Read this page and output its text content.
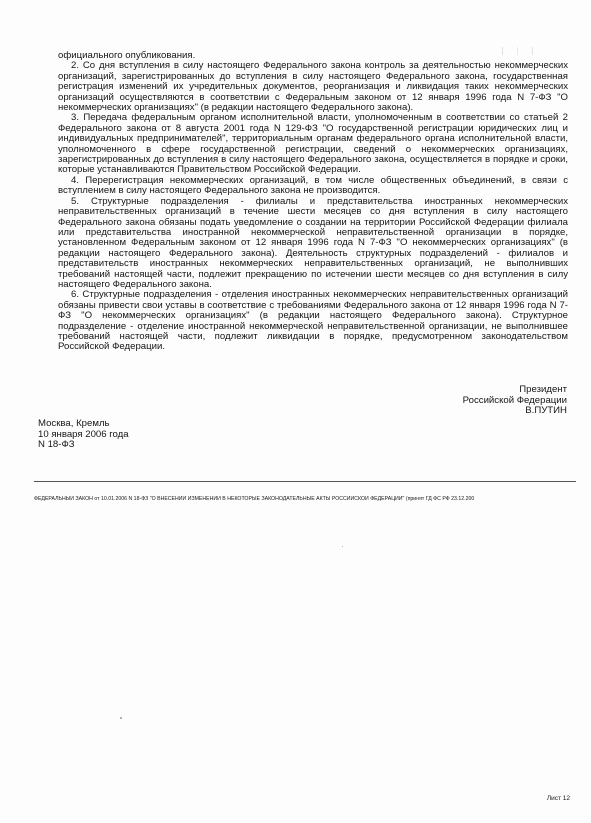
официального опубликования.

2. Со дня вступления в силу настоящего Федерального закона контроль за деятельностью некоммерческих организаций, зарегистрированных до вступления в силу настоящего Федерального закона, государственная регистрация изменений их учредительных документов, реорганизация и ликвидация таких некоммерческих организаций осуществляются в соответствии с Федеральным законом от 12 января 1996 года N 7-ФЗ "О некоммерческих организациях" (в редакции настоящего Федерального закона).

3. Передача федеральным органом исполнительной власти, уполномоченным в соответствии со статьей 2 Федерального закона от 8 августа 2001 года N 129-ФЗ "О государственной регистрации юридических лиц и индивидуальных предпринимателей", территориальным органам федерального органа исполнительной власти, уполномоченного в сфере государственной регистрации, сведений о некоммерческих организациях, зарегистрированных до вступления в силу настоящего Федерального закона, осуществляется в порядке и сроки, которые устанавливаются Правительством Российской Федерации.

4. Перерегистрация некоммерческих организаций, в том числе общественных объединений, в связи с вступлением в силу настоящего Федерального закона не производится.

5. Структурные подразделения - филиалы и представительства иностранных некоммерческих неправительственных организаций в течение шести месяцев со дня вступления в силу настоящего Федерального закона обязаны подать уведомление о создании на территории Российской Федерации филиала или представительства иностранной некоммерческой неправительственной организации в порядке, установленном Федеральным законом от 12 января 1996 года N 7-ФЗ "О некоммерческих организациях" (в редакции настоящего Федерального закона). Деятельность структурных подразделений - филиалов и представительств иностранных некоммерческих неправительственных организаций, не выполнивших требований настоящей части, подлежит прекращению по истечении шести месяцев со дня вступления в силу настоящего Федерального закона.

6. Структурные подразделения - отделения иностранных некоммерческих неправительственных организаций обязаны привести свои уставы в соответствие с требованиями Федерального закона от 12 января 1996 года N 7-ФЗ "О некоммерческих организациях" (в редакции настоящего Федерального закона). Структурное подразделение - отделение иностранной некоммерческой неправительственной организации, не выполнившее требований настоящей части, подлежит ликвидации в порядке, предусмотренном законодательством Российской Федерации.

Президент
Российской Федерации
В.ПУТИН
Москва, Кремль
10 января 2006 года
N 18-ФЗ
ФЕДЕРАЛЬНЫЙ ЗАКОН от 10.01.2006 N 18-ФЗ "О ВНЕСЕНИИ ИЗМЕНЕНИЙ В НЕКОТОРЫЕ ЗАКОНОДАТЕЛЬНЫЕ АКТЫ РОССИЙСКОЙ ФЕДЕРАЦИИ" (принят ГД ФС РФ 23.12.200
Лист 12
